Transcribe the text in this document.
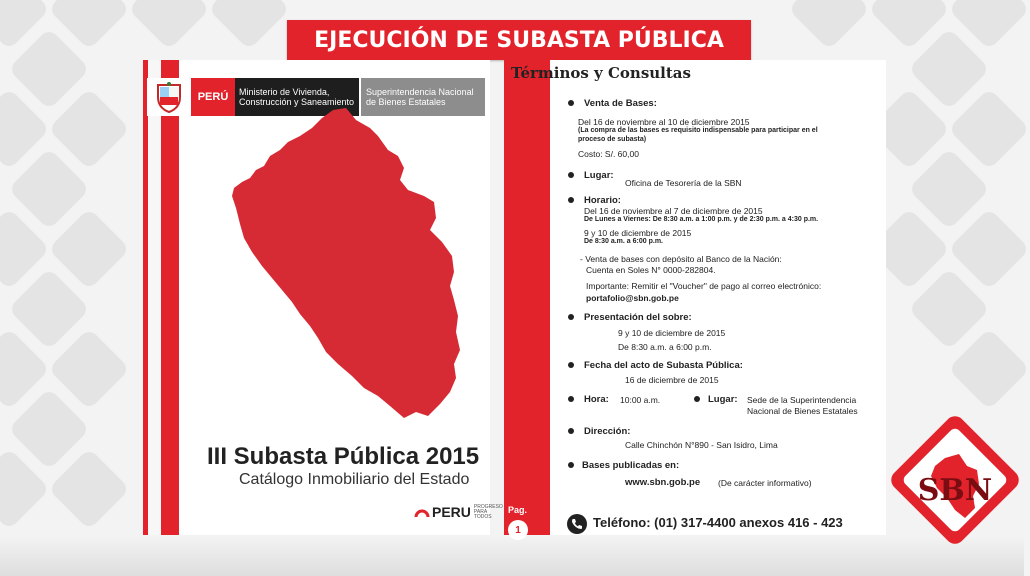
EJECUCIÓN DE SUBASTA PÚBLICA
PERÚ	Ministerio de Vivienda, Construcción y Saneamiento
Superintendencia Nacional de Bienes Estatales
III Subasta Pública 2015
Catálogo Inmobiliario del Estado
PERU PROGRESO PARA TODOS
Pag.
1
Términos y Consultas
Venta de Bases:
Del 16 de noviembre al 10 de diciembre 2015
(La compra de las bases es requisito indispensable para participar en el
proceso de subasta)
Costo: S/. 60,00
Lugar:
Oficina de Tesorería de la SBN
Horario:
Del 16 de noviembre al 7 de diciembre de 2015
De Lunes a Viernes: De 8:30 a.m. a 1:00 p.m. y de 2:30 p.m. a 4:30 p.m.
9 y 10 de diciembre de 2015
De 8:30 a.m. a 6:00 p.m.
- Venta de bases con depósito al Banco de la Nación:
Cuenta en Soles N° 0000-282804.
Importante: Remitir el "Voucher" de pago al correo electrónico:
portafolio@sbn.gob.pe
Presentación del sobre:
9 y 10 de diciembre de 2015
De 8:30 a.m. a 6:00 p.m.
Fecha del acto de Subasta Pública:
16 de diciembre de 2015
Hora: 10:00 a.m.	Lugar: Sede de la Superintendencia
Nacional de Bienes Estatales
Dirección:
Calle Chinchón N°890 - San Isidro, Lima
Bases publicadas en:
www.sbn.gob.pe (De carácter informativo)
Teléfono: (01) 317-4400 anexos 416 - 423
SBN
